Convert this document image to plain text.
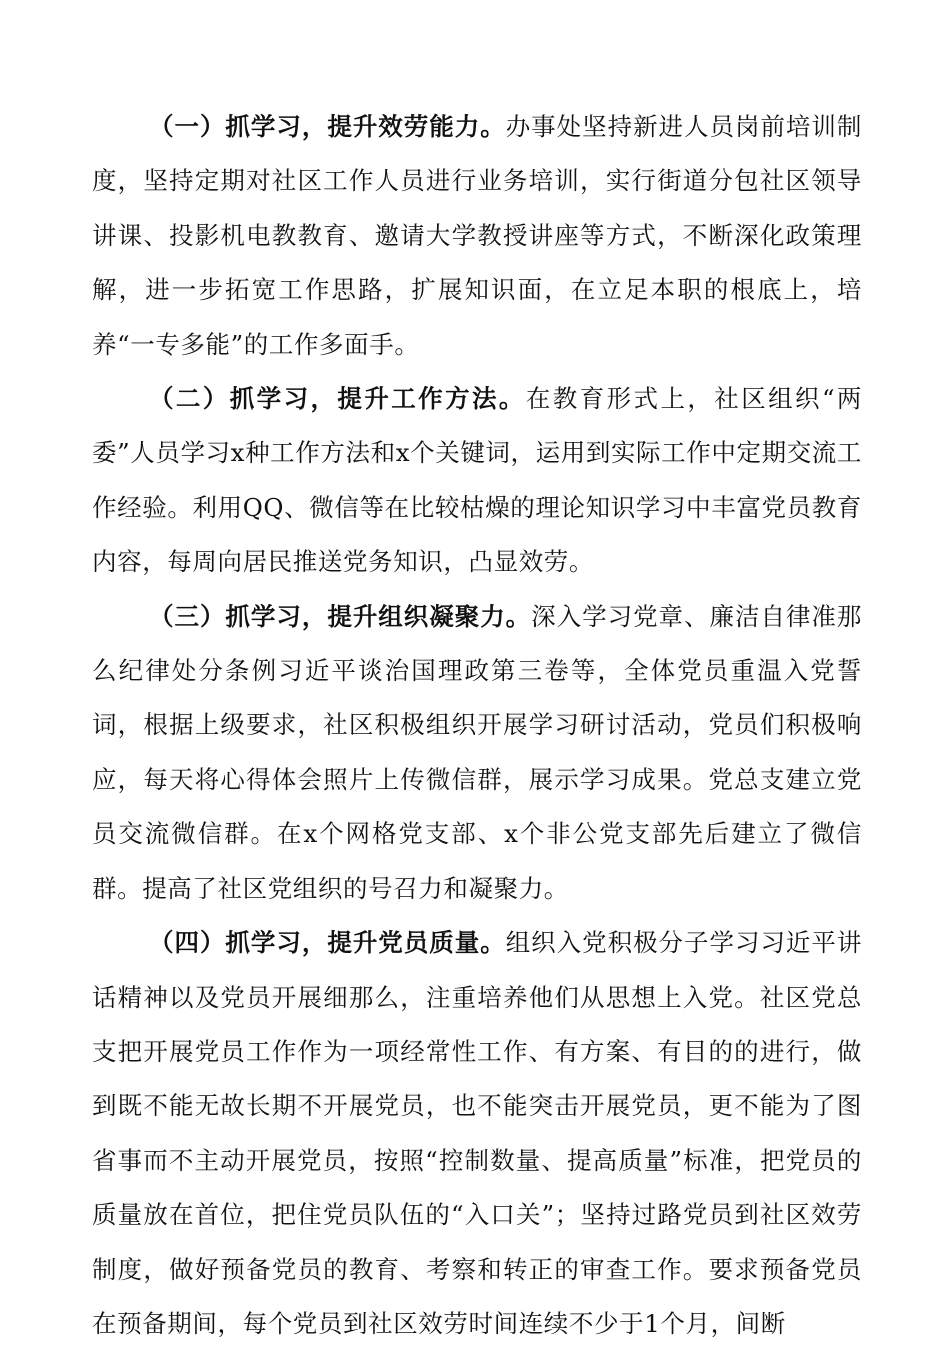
（一）抓学习，提升效劳能力。办事处坚持新进人员岗前培训制度，坚持定期对社区工作人员进行业务培训，实行街道分包社区领导讲课、投影机电教教育、邀请大学教授讲座等方式，不断深化政策理解，进一步拓宽工作思路，扩展知识面，在立足本职的根底上，培养“一专多能”的工作多面手。

（二）抓学习，提升工作方法。在教育形式上，社区组织“两委”人员学习x种工作方法和x个关键词，运用到实际工作中定期交流工作经验。利用QQ、微信等在比较枯燥的理论知识学习中丰富党员教育内容，每周向居民推送党务知识，凸显效劳。

（三）抓学习，提升组织凝聚力。深入学习党章、廉洁自律准那么纪律处分条例习近平谈治国理政第三卷等，全体党员重温入党誓词，根据上级要求，社区积极组织开展学习研讨活动，党员们积极响应，每天将心得体会照片上传微信群，展示学习成果。党总支建立党员交流微信群。在x个网格党支部、x个非公党支部先后建立了微信群。提高了社区党组织的号召力和凝聚力。

（四）抓学习，提升党员质量。组织入党积极分子学习习近平讲话精神以及党员开展细那么，注重培养他们从思想上入党。社区党总支把开展党员工作作为一项经常性工作、有方案、有目的的进行，做到既不能无故长期不开展党员，也不能突击开展党员，更不能为了图省事而不主动开展党员，按照“控制数量、提高质量”标准，把党员的质量放在首位，把住党员队伍的“入口关”；坚持过路党员到社区效劳制度，做好预备党员的教育、考察和转正的审查工作。要求预备党员在预备期间，每个党员到社区效劳时间连续不少于1个月，间断
